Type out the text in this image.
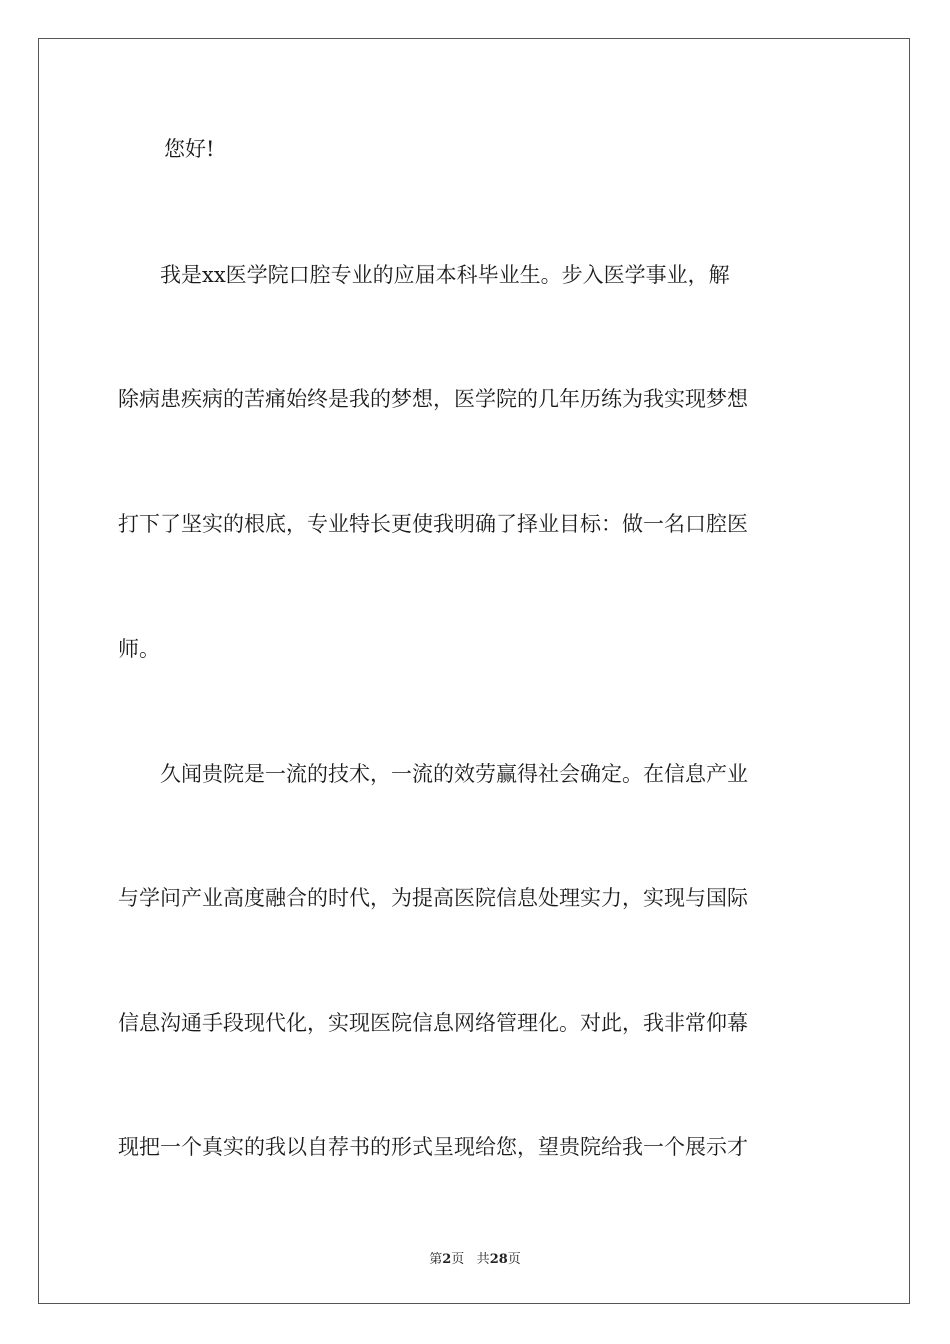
您好!
　　我是xx医学院口腔专业的应届本科毕业生。步入医学事业，解
除病患疾病的苦痛始终是我的梦想，医学院的几年历练为我实现梦想
打下了坚实的根底，专业特长更使我明确了择业目标：做一名口腔医
师。
　　久闻贵院是一流的技术，一流的效劳赢得社会确定。在信息产业
与学问产业高度融合的时代，为提高医院信息处理实力，实现与国际
信息沟通手段现代化，实现医院信息网络管理化。对此，我非常仰幕
现把一个真实的我以自荐书的形式呈现给您，望贵院给我一个展示才
第2页 共28页
